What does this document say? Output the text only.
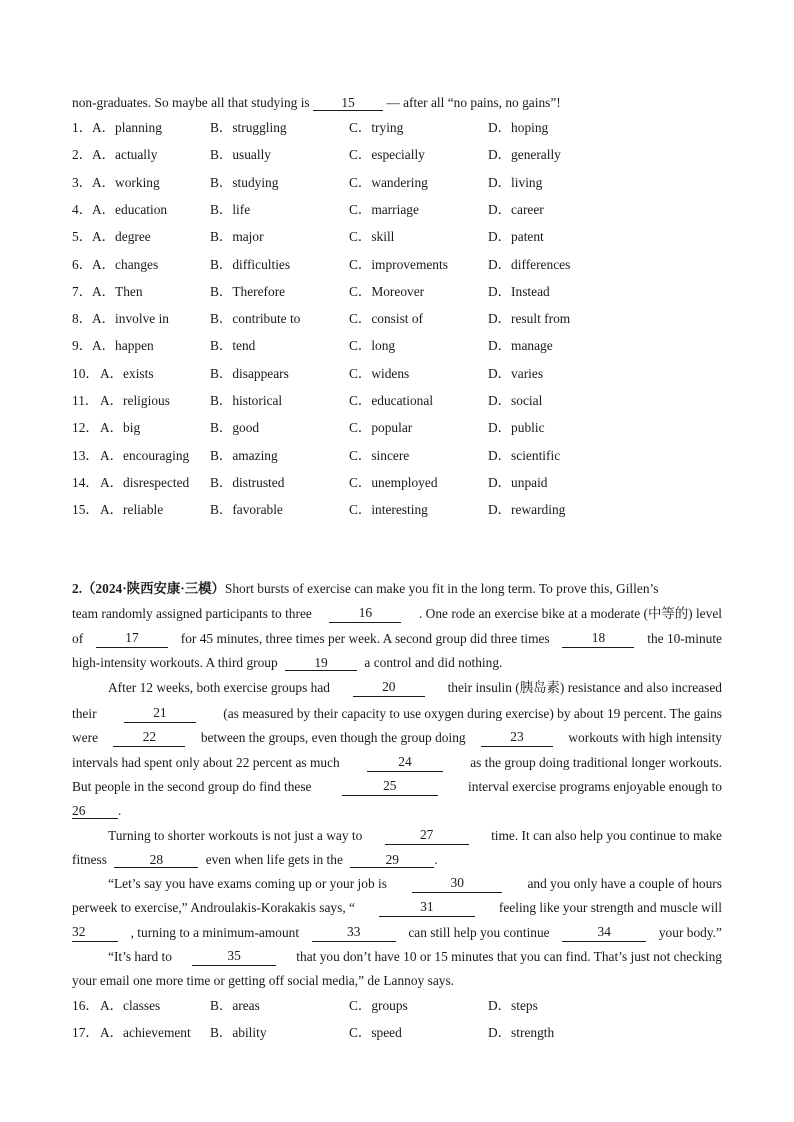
non-graduates. So maybe all that studying is 15 — after all “no pains, no gains”!
1． A．planning	B．struggling	C．trying	D．hoping
2． A．actually	B．usually	C．especially	D．generally
3． A．working	B．studying	C．wandering	D．living
4． A．education	B．life	C．marriage	D．career
5． A．degree	B．major	C．skill	D．patent
6． A．changes	B．difficulties	C．improvements	D．differences
7． A．Then	B．Therefore	C．Moreover	D．Instead
8． A．involve in	B．contribute to	C．consist of	D．result from
9． A．happen	B．tend	C．long	D．manage
10． A．exists	B．disappears	C．widens	D．varies
11． A．religious	B．historical	C．educational	D．social
12． A．big	B．good	C．popular	D．public
13． A．encouraging B．amazing	C．sincere	D．scientific
14． A．disrespected B．distrusted	C．unemployed	D．unpaid
15． A．reliable	B．favorable	C．interesting	D．rewarding
2.（2024·陕西安康·三模）Short bursts of exercise can make you fit in the long term. To prove this, Gillen’s
team randomly assigned participants to three	16	. One rode an exercise bike at a moderate (中等的) level
of	17	for 45 minutes, three times per week. A second group did three times	18	the 10-minute
high-intensity workouts. A third group	19	a control and did nothing.
After 12 weeks, both exercise groups had	20	their insulin (胰岛素) resistance and also increased
their	21	(as measured by their capacity to use oxygen during exercise) by about 19 percent. The gains
were	22	between the groups, even though the group doing	23	workouts with high intensity
intervals had spent only about 22 percent as much	24	as the group doing traditional longer workouts.
But people in the second group do find these	25	interval exercise programs enjoyable enough to
26 .
Turning to shorter workouts is not just a way to	27	time. It can also help you continue to make
fitness	28	even when life gets in the	29	.
“Let’s say you have exams coming up or your job is	30	and you only have a couple of hours
perweek to exercise,” Androulakis-Korakakis says, “	31	feeling like your strength and muscle will
32	, turning to a minimum-amount	33	can still help you continue	34	your body.”
“It’s hard to	35	that you don’t have 10 or 15 minutes that you can find. That’s just not checking
your email one more time or getting off social media,” de Lannoy says.
16． A．classes	B．areas	C．groups	D．steps
17． A．achievement B．ability	C．speed	D．strength
